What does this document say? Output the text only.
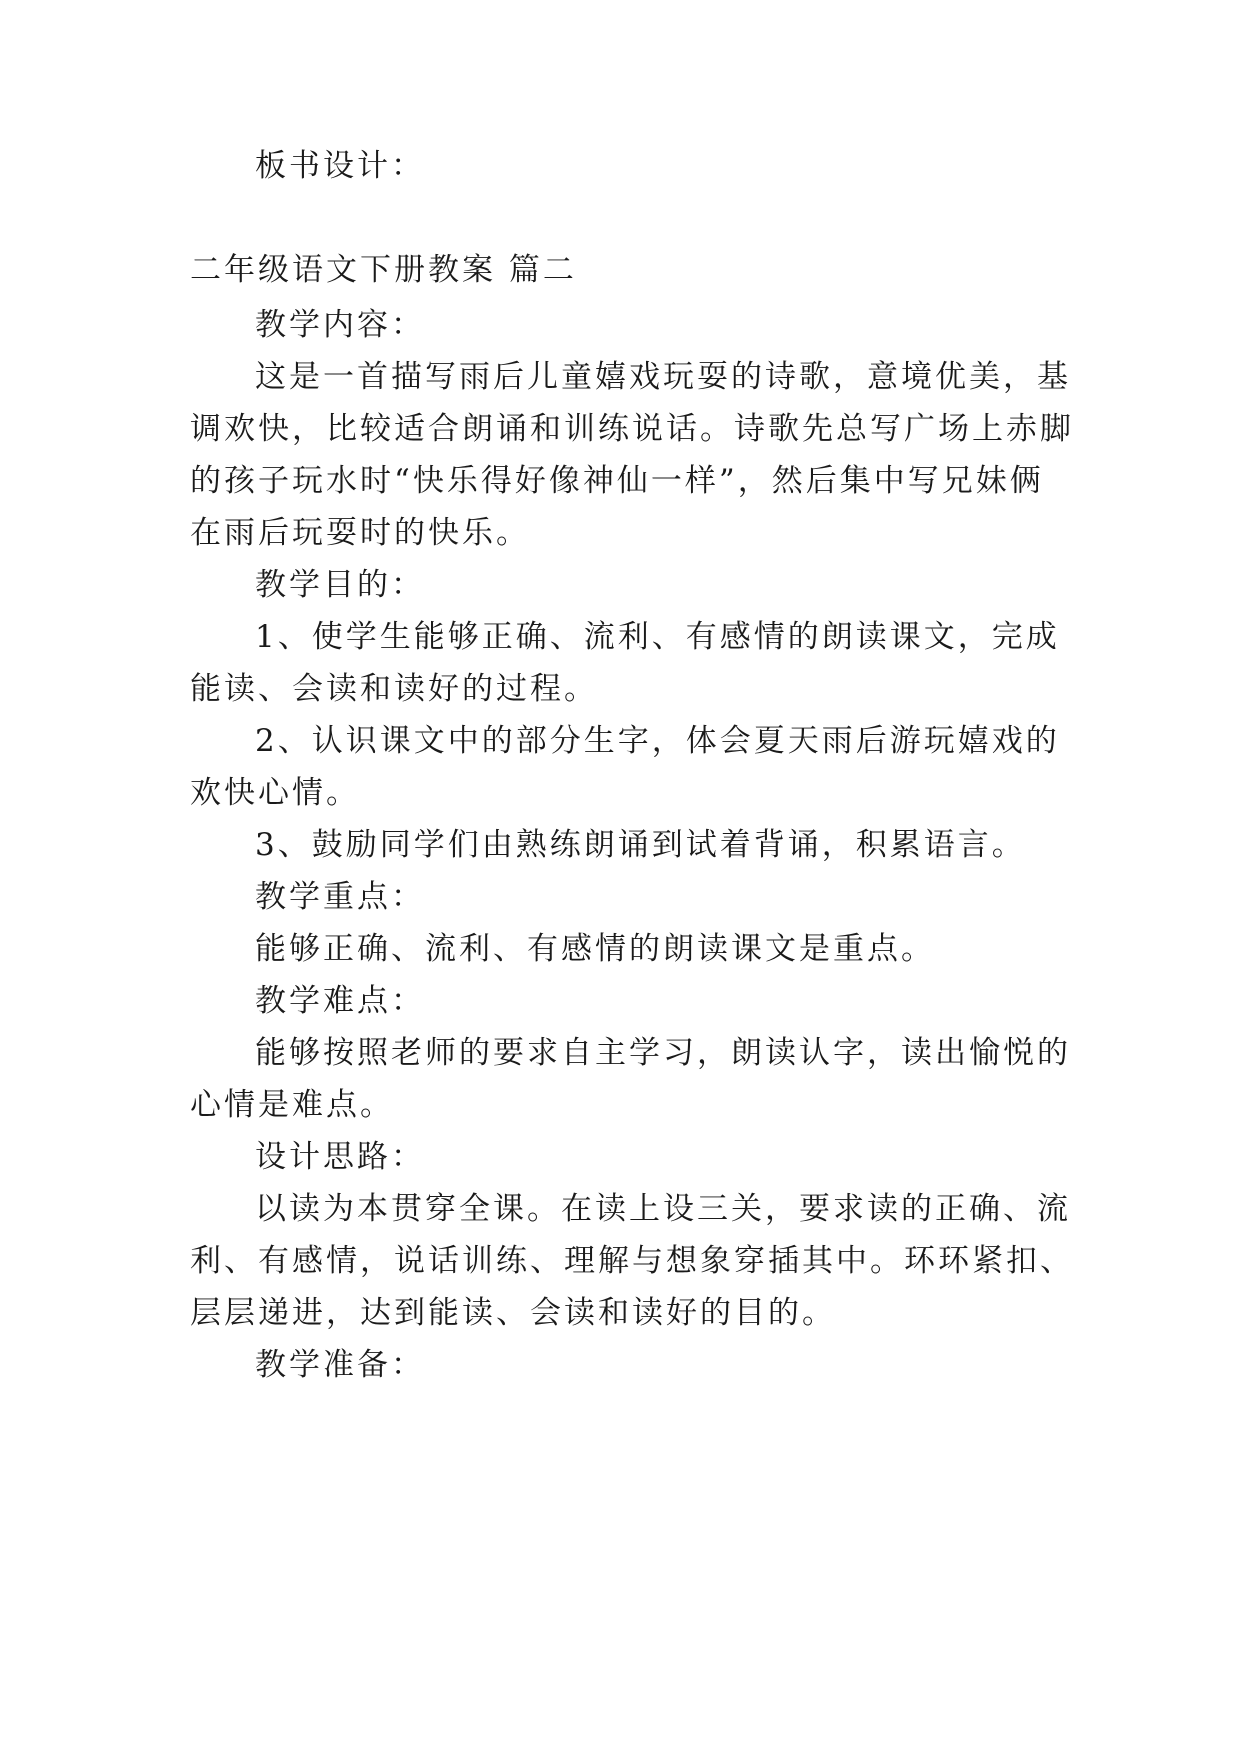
板书设计：
二年级语文下册教案 篇二
教学内容：
这是一首描写雨后儿童嬉戏玩耍的诗歌，意境优美，基
调欢快，比较适合朗诵和训练说话。诗歌先总写广场上赤脚
的孩子玩水时“快乐得好像神仙一样”，然后集中写兄妹俩
在雨后玩耍时的快乐。
教学目的：
1、使学生能够正确、流利、有感情的朗读课文，完成
能读、会读和读好的过程。
2、认识课文中的部分生字，体会夏天雨后游玩嬉戏的
欢快心情。
3、鼓励同学们由熟练朗诵到试着背诵，积累语言。
教学重点：
能够正确、流利、有感情的朗读课文是重点。
教学难点：
能够按照老师的要求自主学习，朗读认字，读出愉悦的
心情是难点。
设计思路：
以读为本贯穿全课。在读上设三关，要求读的正确、流
利、有感情，说话训练、理解与想象穿插其中。环环紧扣、
层层递进，达到能读、会读和读好的目的。
教学准备：
